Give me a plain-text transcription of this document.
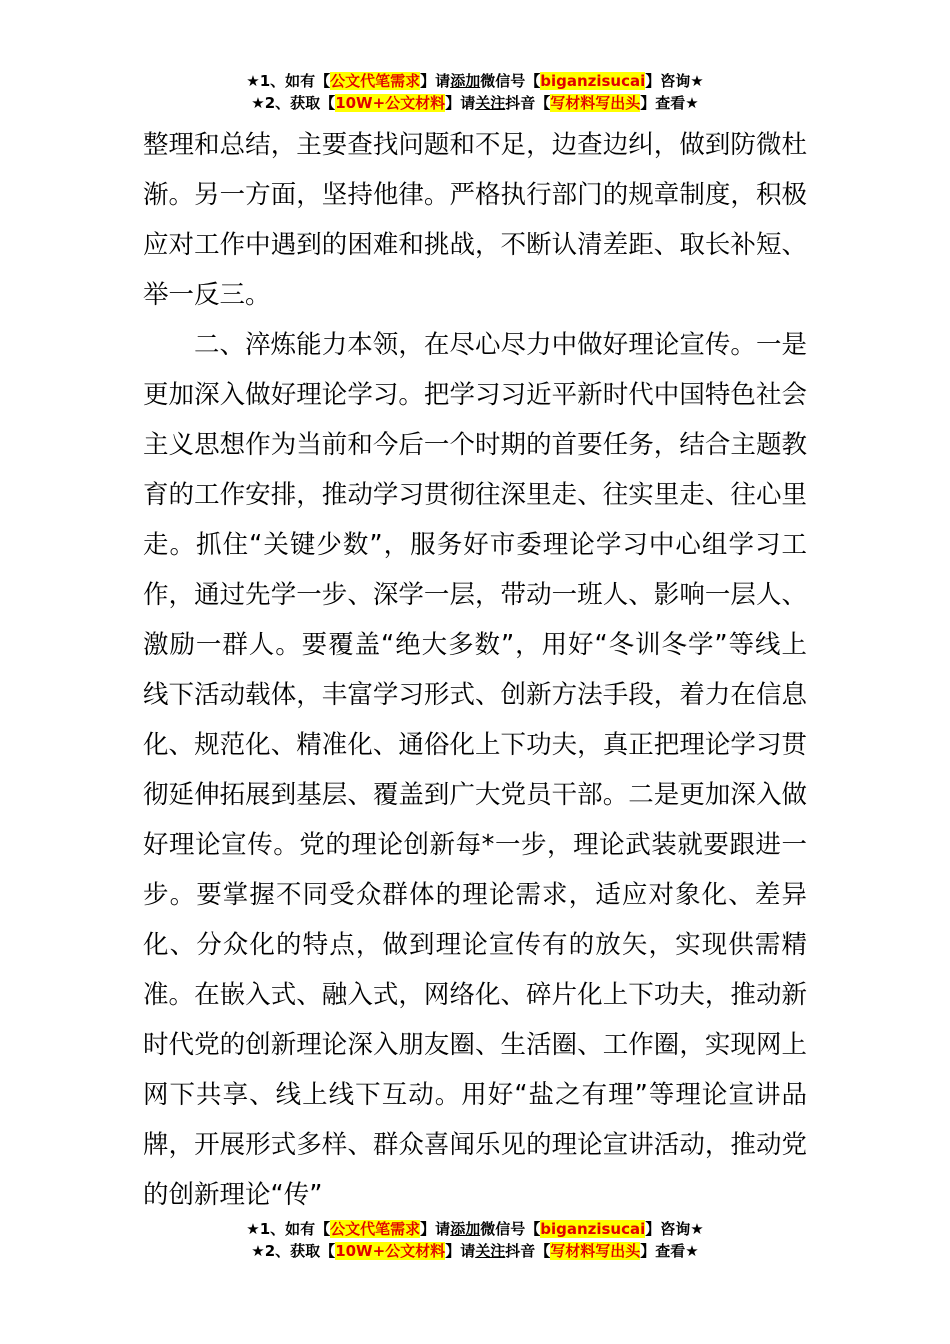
★1、如有【公文代笔需求】请添加微信号【biganzisucai】咨询★
★2、获取【10W+公文材料】请关注抖音【写材料写出头】查看★

整理和总结，主要查找问题和不足，边查边纠，做到防微杜渐。另一方面，坚持他律。严格执行部门的规章制度，积极应对工作中遇到的困难和挑战，不断认清差距、取长补短、举一反三。

二、淬炼能力本领，在尽心尽力中做好理论宣传。一是更加深入做好理论学习。把学习习近平新时代中国特色社会主义思想作为当前和今后一个时期的首要任务，结合主题教育的工作安排，推动学习贯彻往深里走、往实里走、往心里走。抓住“关键少数”，服务好市委理论学习中心组学习工作，通过先学一步、深学一层，带动一班人、影响一层人、激励一群人。要覆盖“绝大多数”，用好“冬训冬学”等线上线下活动载体，丰富学习形式、创新方法手段，着力在信息化、规范化、精准化、通俗化上下功夫，真正把理论学习贯彻延伸拓展到基层、覆盖到广大党员干部。二是更加深入做好理论宣传。党的理论创新每*一步，理论武装就要跟进一步。要掌握不同受众群体的理论需求，适应对象化、差异化、分众化的特点，做到理论宣传有的放矢，实现供需精准。在嵌入式、融入式，网络化、碎片化上下功夫，推动新时代党的创新理论深入朋友圈、生活圈、工作圈，实现网上网下共享、线上线下互动。用好“盐之有理”等理论宣讲品牌，开展形式多样、群众喜闻乐见的理论宣讲活动，推动党的创新理论“传”

★1、如有【公文代笔需求】请添加微信号【biganzisucai】咨询★
★2、获取【10W+公文材料】请关注抖音【写材料写出头】查看★
